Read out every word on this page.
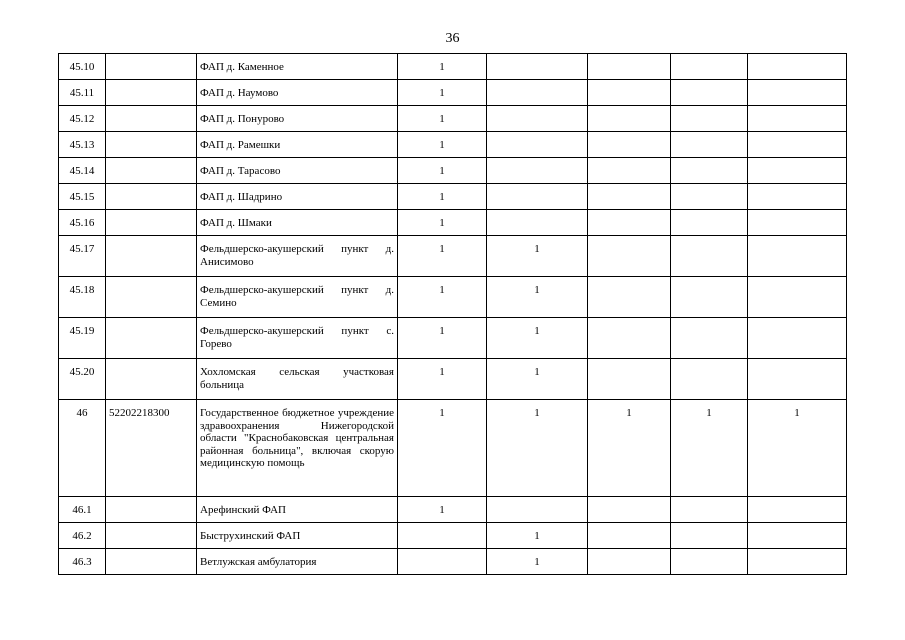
36
45.10		ФАП д. Каменное	1				
45.11		ФАП д. Наумово	1				
45.12		ФАП д. Понурово	1				
45.13		ФАП д. Рамешки	1				
45.14		ФАП д. Тарасово	1				
45.15		ФАП д. Шадрино	1				
45.16		ФАП д. Шмаки	1				
45.17		Фельдшерско-акушерский пункт д. Анисимово	1	1			
45.18		Фельдшерско-акушерский пункт д. Семино	1	1			
45.19		Фельдшерско-акушерский пункт с. Горево	1	1			
45.20		Хохломская сельская участковая больница	1	1			
46	52202218300	Государственное бюджетное учреждение здравоохранения Нижегородской области "Краснобаковская центральная районная больница", включая скорую медицинскую помощь	1	1	1	1	1
46.1		Арефинский ФАП	1				
46.2		Быструхинский ФАП		1			
46.3		Ветлужская амбулатория		1			
